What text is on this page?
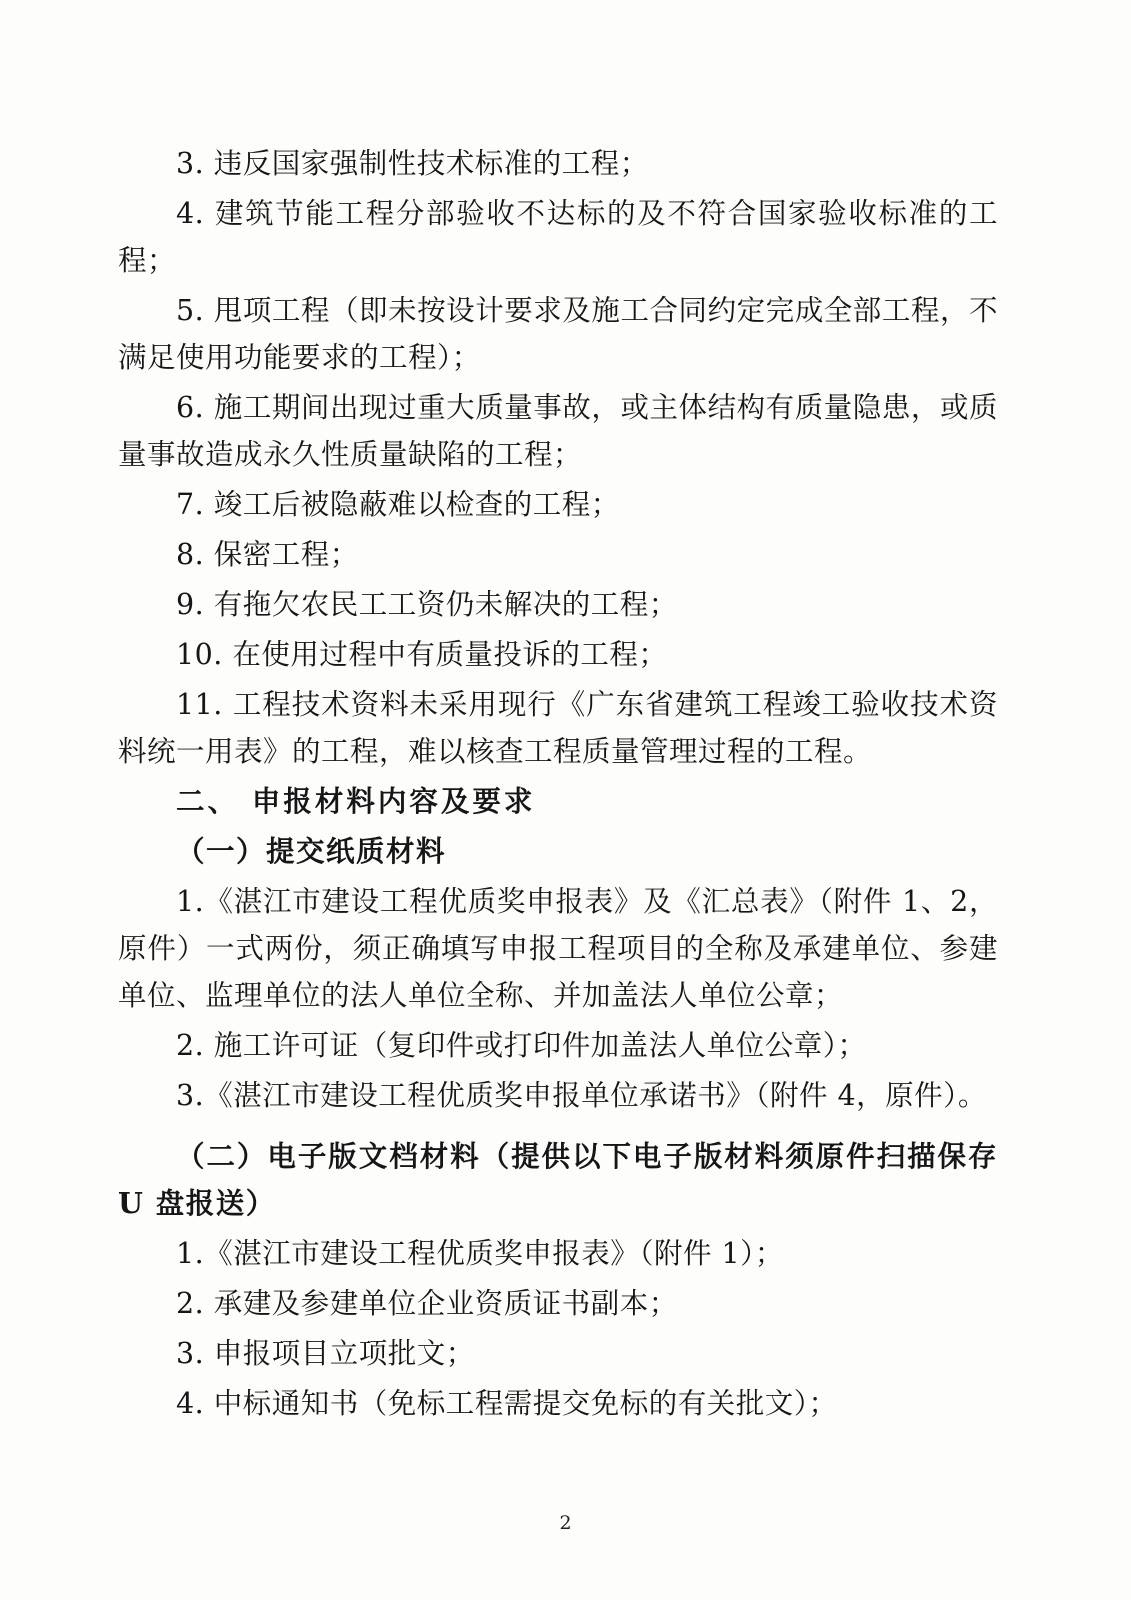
3. 违反国家强制性技术标准的工程；

4. 建筑节能工程分部验收不达标的及不符合国家验收标准的工程；

5. 甩项工程（即未按设计要求及施工合同约定完成全部工程，不满足使用功能要求的工程）；

6. 施工期间出现过重大质量事故，或主体结构有质量隐患，或质量事故造成永久性质量缺陷的工程；

7. 竣工后被隐蔽难以检查的工程；

8. 保密工程；

9. 有拖欠农民工工资仍未解决的工程；

10. 在使用过程中有质量投诉的工程；

11. 工程技术资料未采用现行《广东省建筑工程竣工验收技术资料统一用表》的工程，难以核查工程质量管理过程的工程。

二、 申报材料内容及要求

（一）提交纸质材料

1.《湛江市建设工程优质奖申报表》及《汇总表》（附件 1、2，原件）一式两份，须正确填写申报工程项目的全称及承建单位、参建单位、监理单位的法人单位全称、并加盖法人单位公章；

2. 施工许可证（复印件或打印件加盖法人单位公章）；

3.《湛江市建设工程优质奖申报单位承诺书》（附件 4，原件）。

（二）电子版文档材料（提供以下电子版材料须原件扫描保存 U 盘报送）

1.《湛江市建设工程优质奖申报表》（附件 1）；

2. 承建及参建单位企业资质证书副本；

3. 申报项目立项批文；

4. 中标通知书（免标工程需提交免标的有关批文）；

2
